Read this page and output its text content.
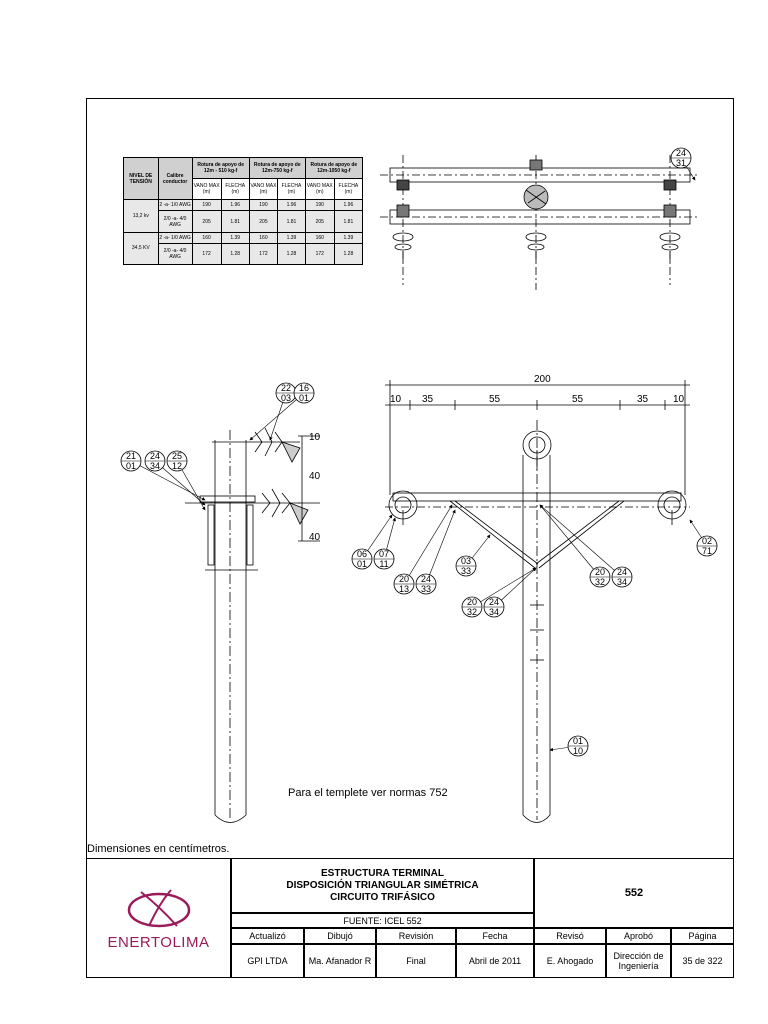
10
40
40
200
10 35	55	55	35 10
24
31
22
03
16
01
21
01
24
34
25
12
06
01
07
11
20
13
24
33
03
33
20
32
24
34
20
32
24
34
02
71
01
10
NIVEL DE TENSIÓN	Calibre conductor	Rotura de apoyo de 12m - 510 kg-f		Rotura de apoyo de 12m-750 kg-f		Rotura de apoyo de 12m-1050 kg-f	
		VANO MAX (m)	FLECHA (m)	VANO MAX (m)	FLECHA (m)	VANO MAX (m)	FLECHA (m)
13,2 kv	2 -a- 1/0 AWG	190	1.96	190	1.96	190	1.96
	2/0 -a- 4/0 AWG	205	1.81	205	1.81	205	1.81
34,5 KV	2 -a- 1/0 AWG	160	1.39	160	1.39	160	1.39
	2/0 -a- 4/0 AWG	172	1.28	172	1.28	172	1.28
Para el templete ver normas 752
Dimensiones en centímetros.
ENERTOLIMA
ESTRUCTURA TERMINAL
DISPOSICIÓN TRIANGULAR SIMÉTRICA
CIRCUITO TRIFÁSICO	552
FUENTE: ICEL 552
Actualizó	Dibujó	Revisión	Fecha	Revisó	Aprobó	Página
GPI LTDA	Ma. Afanador R	Final	Abril de 2011	E. Ahogado	Dirección de Ingeniería	35 de 322
